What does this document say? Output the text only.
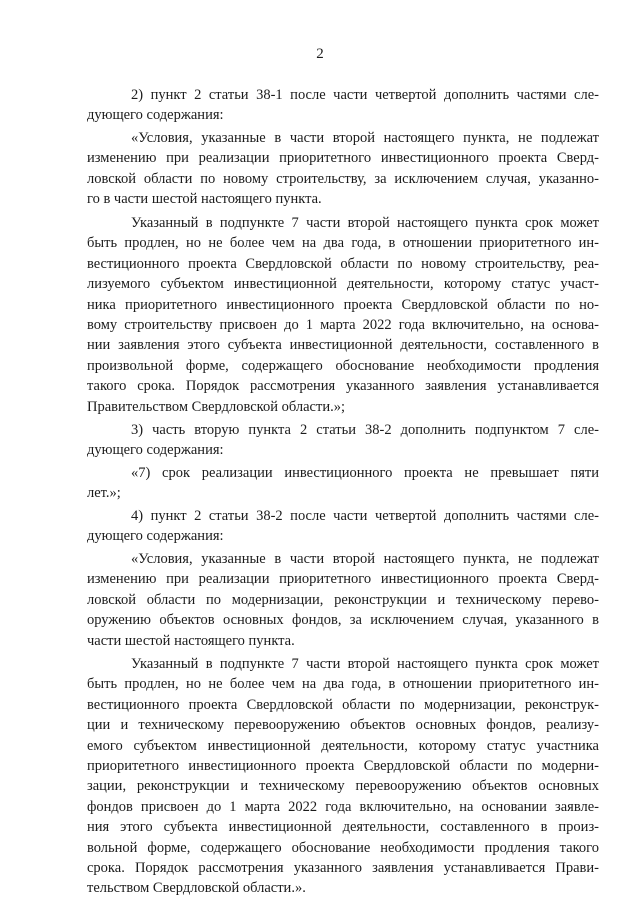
2

2) пункт 2 статьи 38-1 после части четвертой дополнить частями сле-
дующего содержания:

«Условия, указанные в части второй настоящего пункта, не подлежат
изменению при реализации приоритетного инвестиционного проекта Сверд-
ловской области по новому строительству, за исключением случая, указанно-
го в части шестой настоящего пункта.

Указанный в подпункте 7 части второй настоящего пункта срок может
быть продлен, но не более чем на два года, в отношении приоритетного ин-
вестиционного проекта Свердловской области по новому строительству, реа-
лизуемого субъектом инвестиционной деятельности, которому статус участ-
ника приоритетного инвестиционного проекта Свердловской области по но-
вому строительству присвоен до 1 марта 2022 года включительно, на основа-
нии заявления этого субъекта инвестиционной деятельности, составленного в
произвольной форме, содержащего обоснование необходимости продления
такого срока. Порядок рассмотрения указанного заявления устанавливается
Правительством Свердловской области.»;

3) часть вторую пункта 2 статьи 38-2 дополнить подпунктом 7 сле-
дующего содержания:

«7) срок реализации инвестиционного проекта не превышает пяти
лет.»;

4) пункт 2 статьи 38-2 после части четвертой дополнить частями сле-
дующего содержания:

«Условия, указанные в части второй настоящего пункта, не подлежат
изменению при реализации приоритетного инвестиционного проекта Сверд-
ловской области по модернизации, реконструкции и техническому перево-
оружению объектов основных фондов, за исключением случая, указанного в
части шестой настоящего пункта.

Указанный в подпункте 7 части второй настоящего пункта срок может
быть продлен, но не более чем на два года, в отношении приоритетного ин-
вестиционного проекта Свердловской области по модернизации, реконструк-
ции и техническому перевооружению объектов основных фондов, реализу-
емого субъектом инвестиционной деятельности, которому статус участника
приоритетного инвестиционного проекта Свердловской области по модерни-
зации, реконструкции и техническому перевооружению объектов основных
фондов присвоен до 1 марта 2022 года включительно, на основании заявле-
ния этого субъекта инвестиционной деятельности, составленного в произ-
вольной форме, содержащего обоснование необходимости продления такого
срока. Порядок рассмотрения указанного заявления устанавливается Прави-
тельством Свердловской области.».
